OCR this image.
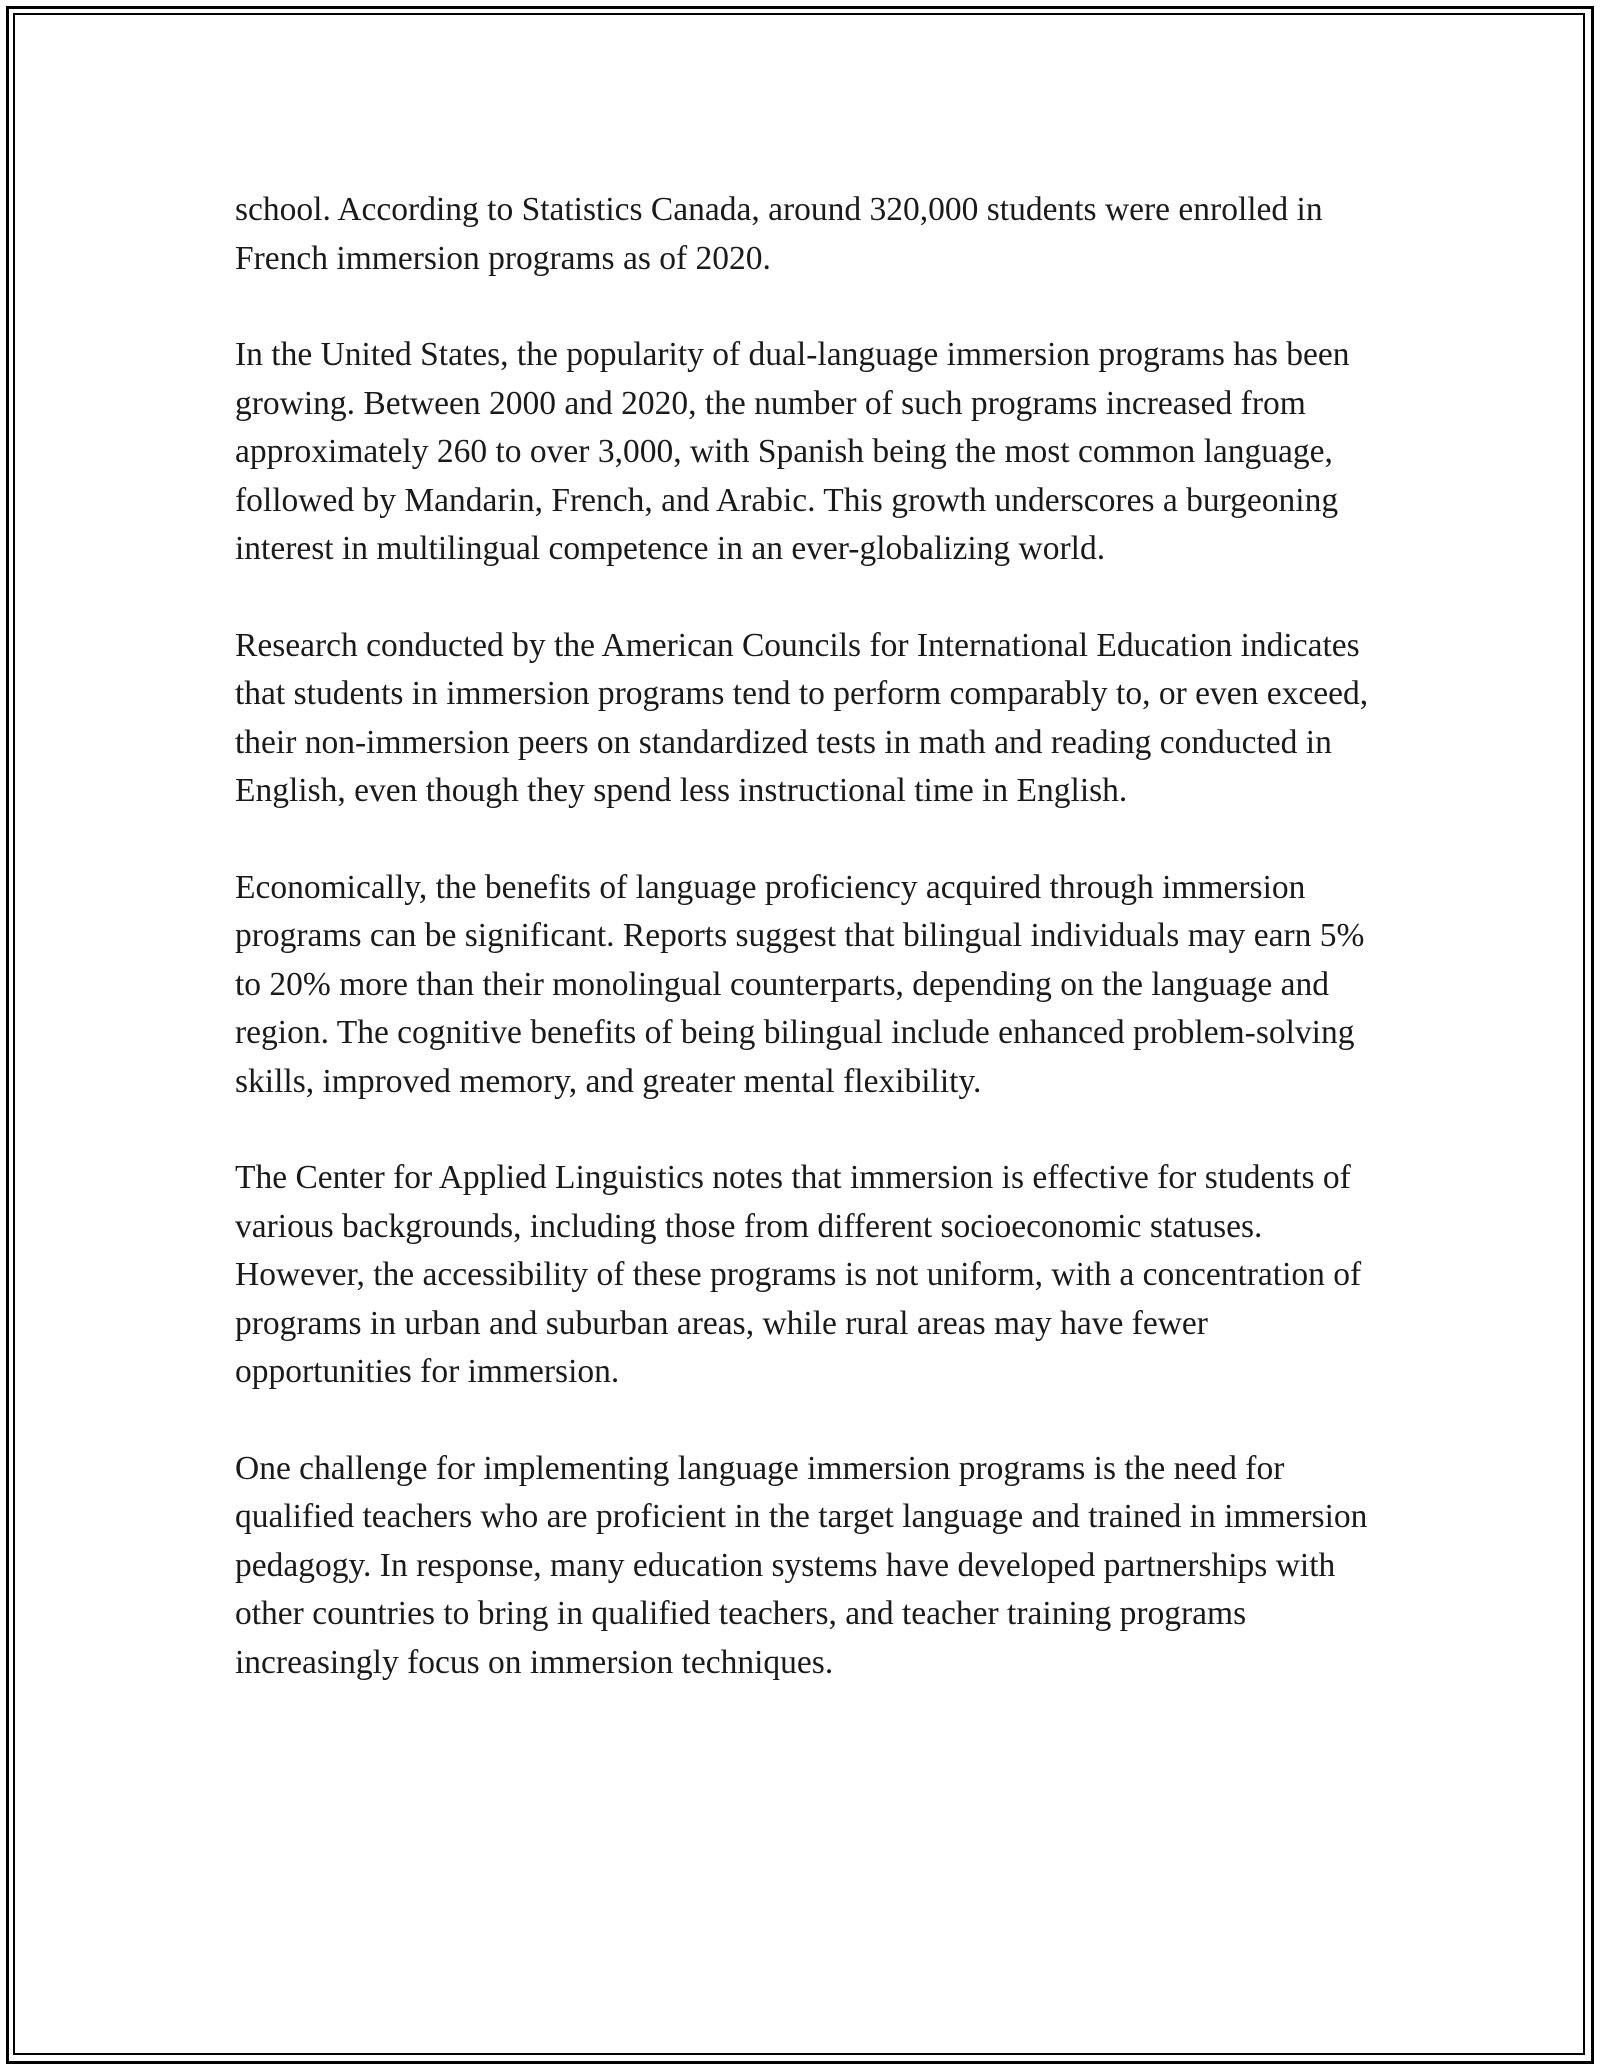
school. According to Statistics Canada, around 320,000 students were enrolled in French immersion programs as of 2020.

In the United States, the popularity of dual-language immersion programs has been growing. Between 2000 and 2020, the number of such programs increased from approximately 260 to over 3,000, with Spanish being the most common language, followed by Mandarin, French, and Arabic. This growth underscores a burgeoning interest in multilingual competence in an ever-globalizing world.

Research conducted by the American Councils for International Education indicates that students in immersion programs tend to perform comparably to, or even exceed, their non-immersion peers on standardized tests in math and reading conducted in English, even though they spend less instructional time in English.

Economically, the benefits of language proficiency acquired through immersion programs can be significant. Reports suggest that bilingual individuals may earn 5% to 20% more than their monolingual counterparts, depending on the language and region. The cognitive benefits of being bilingual include enhanced problem-solving skills, improved memory, and greater mental flexibility.

The Center for Applied Linguistics notes that immersion is effective for students of various backgrounds, including those from different socioeconomic statuses. However, the accessibility of these programs is not uniform, with a concentration of programs in urban and suburban areas, while rural areas may have fewer opportunities for immersion.

One challenge for implementing language immersion programs is the need for qualified teachers who are proficient in the target language and trained in immersion pedagogy. In response, many education systems have developed partnerships with other countries to bring in qualified teachers, and teacher training programs increasingly focus on immersion techniques.
